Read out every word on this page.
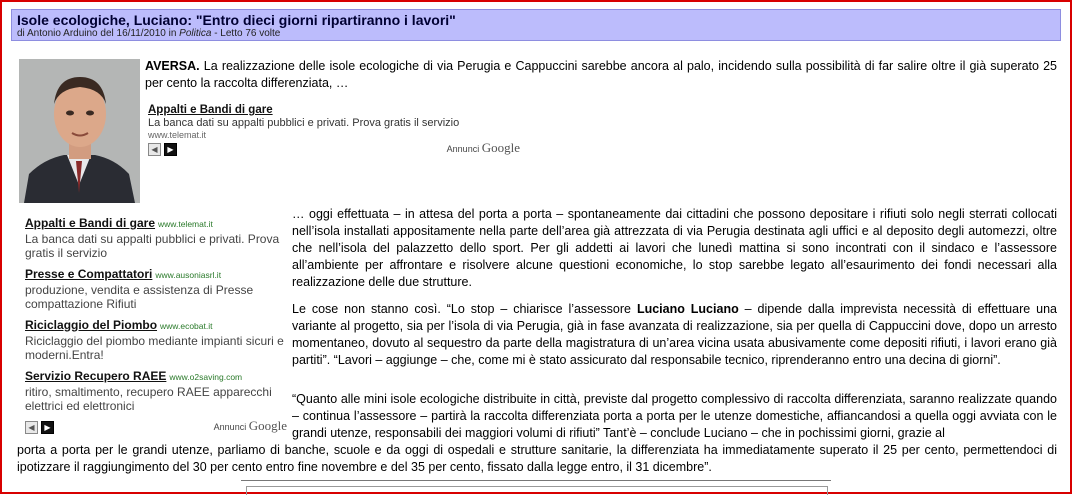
Isole ecologiche, Luciano: "Entro dieci giorni ripartiranno i lavori"
di Antonio Arduino del 16/11/2010 in Politica - Letto 76 volte
AVERSA. La realizzazione delle isole ecologiche di via Perugia e Cappuccini sarebbe ancora al palo, incidendo sulla possibilità di far salire oltre il già superato 25 per cento la raccolta differenziata, …
Appalti e Bandi di gare
La banca dati su appalti pubblici e privati. Prova gratis il servizio
www.telemat.it
◀	▶	Annunci Google
Appalti e Bandi di gare www.telemat.it
La banca dati su appalti pubblici e privati. Prova gratis il servizio
Presse e Compattatori www.ausoniasrl.it
produzione, vendita e assistenza di Presse compattazione Rifiuti
Riciclaggio del Piombo www.ecobat.it
Riciclaggio del piombo mediante impianti sicuri e moderni.Entra!
Servizio Recupero RAEE www.o2saving.com
ritiro, smaltimento, recupero RAEE apparecchi elettrici ed elettronici
◀	▶	Annunci Google

… oggi effettuata – in attesa del porta a porta – spontaneamente dai cittadini che possono depositare i rifiuti solo negli sterrati collocati nell’isola installati appositamente nella parte dell’area già attrezzata di via Perugia destinata agli uffici e al deposito degli automezzi, oltre che nell’isola del palazzetto dello sport. Per gli addetti ai lavori che lunedì mattina si sono incontrati con il sindaco e l’assessore all’ambiente per affrontare e risolvere alcune questioni economiche, lo stop sarebbe legato all’esaurimento dei fondi necessari alla realizzazione delle due strutture.

Le cose non stanno così. “Lo stop – chiarisce l’assessore Luciano Luciano – dipende dalla imprevista necessità di effettuare una variante al progetto, sia per l’isola di via Perugia, già in fase avanzata di realizzazione, sia per quella di Cappuccini dove, dopo un arresto momentaneo, dovuto al sequestro da parte della magistratura di un’area vicina usata abusivamente come depositi rifiuti, i lavori erano già partiti”. “Lavori – aggiunge – che, come mi è stato assicurato dal responsabile tecnico, riprenderanno entro una decina di giorni”.

“Quanto alle mini isole ecologiche distribuite in città, previste dal progetto complessivo di raccolta differenziata, saranno realizzate quando – continua l’assessore – partirà la raccolta differenziata porta a porta per le utenze domestiche, affiancandosi a quella oggi avviata con le grandi utenze, responsabili dei maggiori volumi di rifiuti” Tant’è – conclude Luciano – che in pochissimi giorni, grazie al
porta a porta per le grandi utenze, parliamo di banche, scuole e da oggi di ospedali e strutture sanitarie, la differenziata ha immediatamente superato il 25 per cento, permettendoci di ipotizzare il raggiungimento del 30 per cento entro fine novembre e del 35 per cento, fissato dalla legge entro, il 31 dicembre”.
